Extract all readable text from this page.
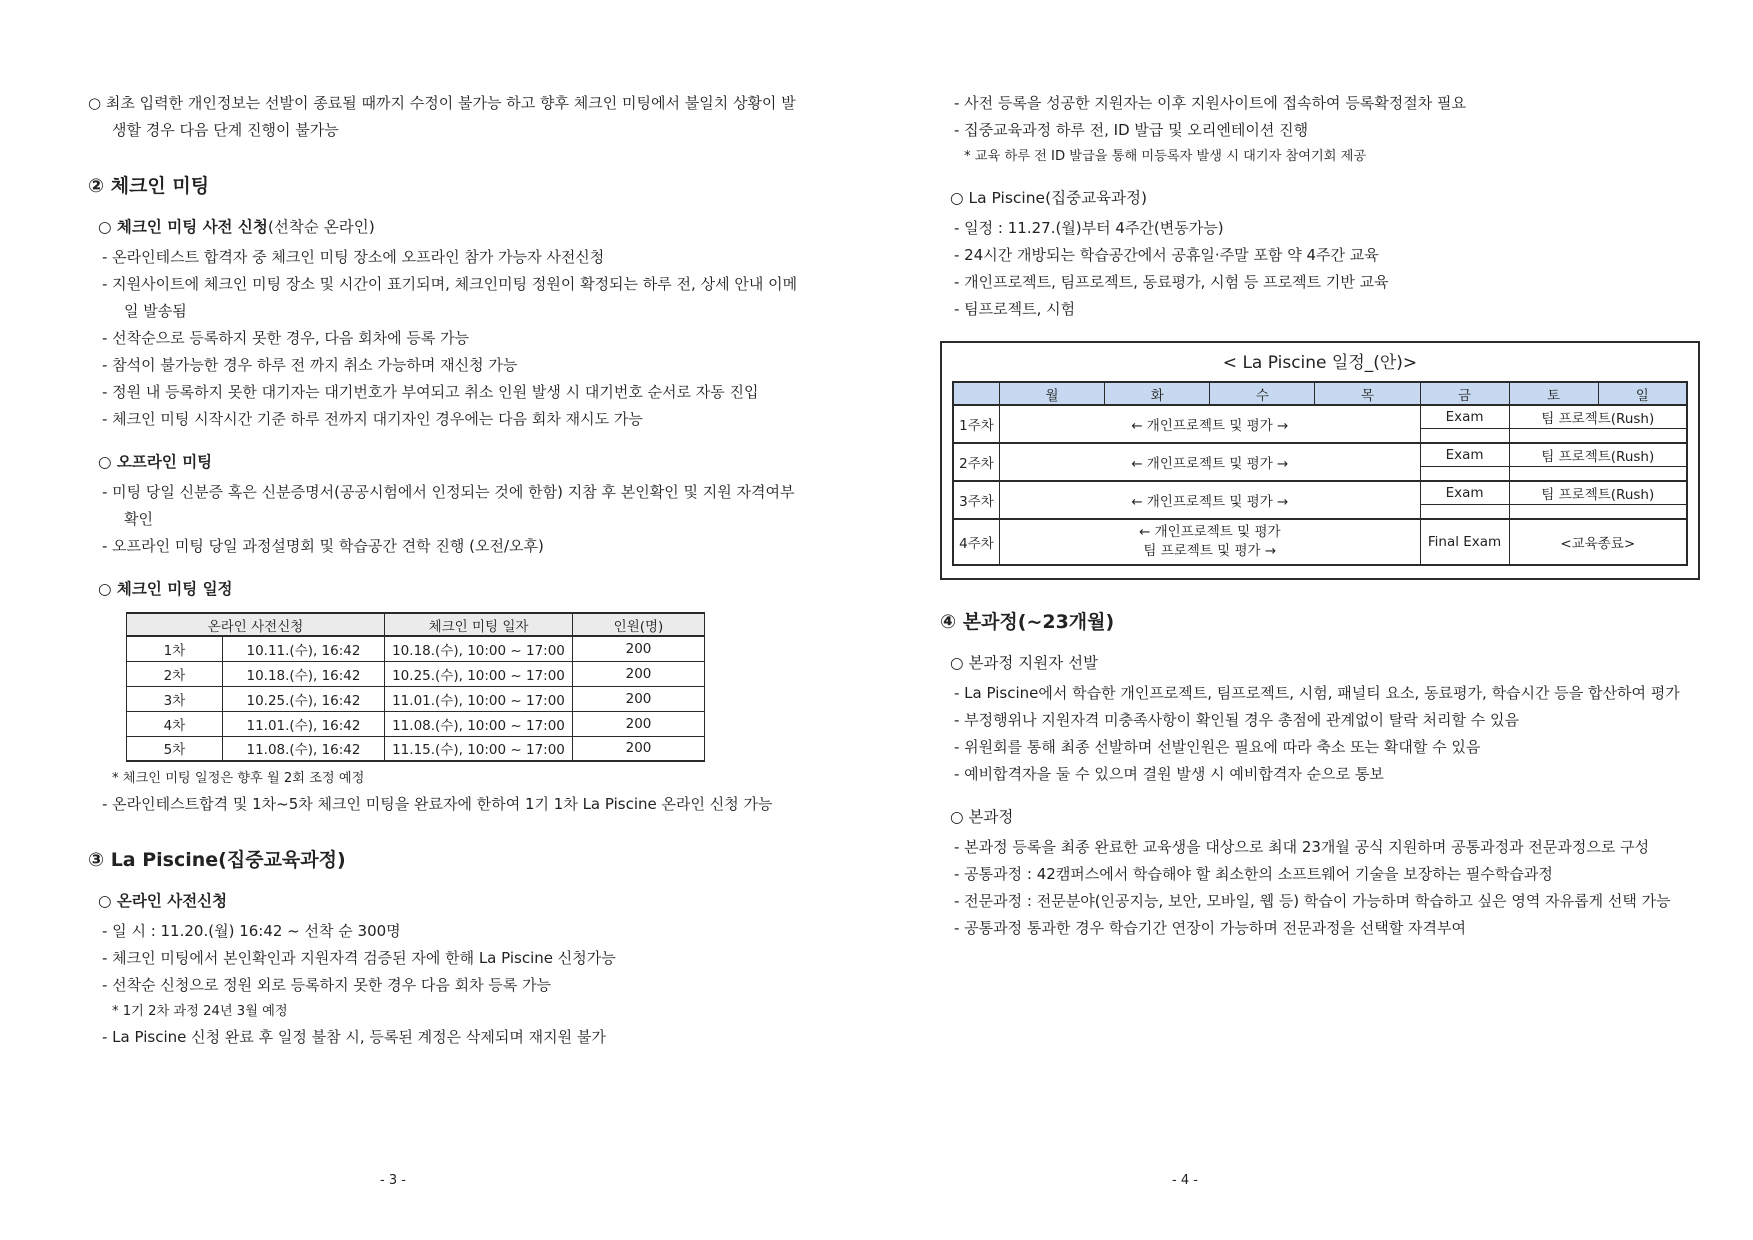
○ 최초 입력한 개인정보는 선발이 종료될 때까지 수정이 불가능 하고 향후 체크인 미팅에서 불일치 상황이 발생할 경우 다음 단계 진행이 불가능

② 체크인 미팅
○ 체크인 미팅 사전 신청(선착순 온라인)
- 온라인테스트 합격자 중 체크인 미팅 장소에 오프라인 참가 가능자 사전신청
- 지원사이트에 체크인 미팅 장소 및 시간이 표기되며, 체크인미팅 정원이 확정되는 하루 전, 상세 안내 이메일 발송됨
- 선착순으로 등록하지 못한 경우, 다음 회차에 등록 가능
- 참석이 불가능한 경우 하루 전 까지 취소 가능하며 재신청 가능
- 정원 내 등록하지 못한 대기자는 대기번호가 부여되고 취소 인원 발생 시 대기번호 순서로 자동 진입
- 체크인 미팅 시작시간 기준 하루 전까지 대기자인 경우에는 다음 회차 재시도 가능
○ 오프라인 미팅
- 미팅 당일 신분증 혹은 신분증명서(공공시험에서 인정되는 것에 한함) 지참 후 본인확인 및 지원 자격여부 확인
- 오프라인 미팅 당일 과정설명회 및 학습공간 견학 진행 (오전/오후)
○ 체크인 미팅 일정
온라인 사전신청		체크인 미팅 일자	인원(명)
1차	10.11.(수), 16:42	10.18.(수), 10:00 ~ 17:00	200
2차	10.18.(수), 16:42	10.25.(수), 10:00 ~ 17:00	200
3차	10.25.(수), 16:42	11.01.(수), 10:00 ~ 17:00	200
4차	11.01.(수), 16:42	11.08.(수), 10:00 ~ 17:00	200
5차	11.08.(수), 16:42	11.15.(수), 10:00 ~ 17:00	200
* 체크인 미팅 일정은 향후 월 2회 조정 예정
- 온라인테스트합격 및 1차~5차 체크인 미팅을 완료자에 한하여 1기 1차 La Piscine 온라인 신청 가능
③ La Piscine(집중교육과정)
○ 온라인 사전신청
- 일 시 : 11.20.(월) 16:42 ~ 선착 순 300명
- 체크인 미팅에서 본인확인과 지원자격 검증된 자에 한해 La Piscine 신청가능
- 선착순 신청으로 정원 외로 등록하지 못한 경우 다음 회차 등록 가능
* 1기 2차 과정 24년 3월 예정
- La Piscine 신청 완료 후 일정 불참 시, 등록된 계정은 삭제되며 재지원 불가
- 3 -
- 사전 등록을 성공한 지원자는 이후 지원사이트에 접속하여 등록확정절차 필요
- 집중교육과정 하루 전, ID 발급 및 오리엔테이션 진행
* 교육 하루 전 ID 발급을 통해 미등록자 발생 시 대기자 참여기회 제공
○ La Piscine(집중교육과정)
- 일정 : 11.27.(월)부터 4주간(변동가능)
- 24시간 개방되는 학습공간에서 공휴일·주말 포함 약 4주간 교육
- 개인프로젝트, 팀프로젝트, 동료평가, 시험 등 프로젝트 기반 교육
- 팀프로젝트, 시험
< La Piscine 일정_(안)>
	월	화	수	목	금	토	일
1주차	← 개인프로젝트 및 평가 →				Exam	팀 프로젝트(Rush)	

2주차	← 개인프로젝트 및 평가 →				Exam	팀 프로젝트(Rush)	

3주차	← 개인프로젝트 및 평가 →				Exam	팀 프로젝트(Rush)	

4주차	← 개인프로젝트 및 평가
팀 프로젝트 및 평가 →				Final Exam	<교육종료>	
④ 본과정(~23개월)
○ 본과정 지원자 선발
- La Piscine에서 학습한 개인프로젝트, 팀프로젝트, 시험, 패널티 요소, 동료평가, 학습시간 등을 합산하여 평가
- 부정행위나 지원자격 미충족사항이 확인될 경우 총점에 관계없이 탈락 처리할 수 있음
- 위원회를 통해 최종 선발하며 선발인원은 필요에 따라 축소 또는 확대할 수 있음
- 예비합격자을 둘 수 있으며 결원 발생 시 예비합격자 순으로 통보
○ 본과정
- 본과정 등록을 최종 완료한 교육생을 대상으로 최대 23개월 공식 지원하며 공통과정과 전문과정으로 구성
- 공통과정 : 42캠퍼스에서 학습해야 할 최소한의 소프트웨어 기술을 보장하는 필수학습과정
- 전문과정 : 전문분야(인공지능, 보안, 모바일, 웹 등) 학습이 가능하며 학습하고 싶은 영역 자유롭게 선택 가능
- 공통과정 통과한 경우 학습기간 연장이 가능하며 전문과정을 선택할 자격부여
- 4 -
